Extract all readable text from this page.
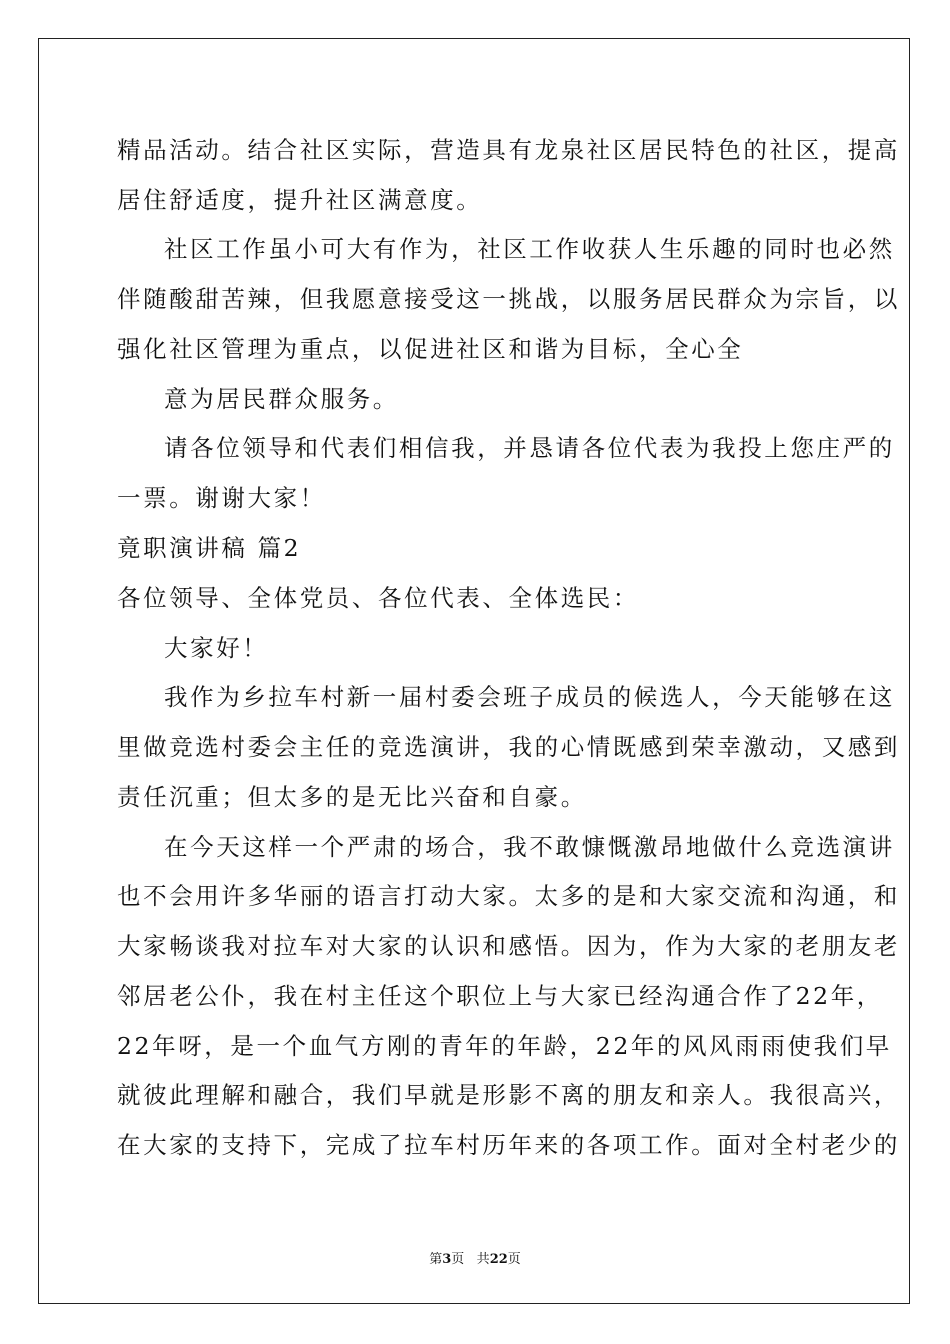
精品活动。结合社区实际，营造具有龙泉社区居民特色的社区，提高
居住舒适度，提升社区满意度。
社区工作虽小可大有作为，社区工作收获人生乐趣的同时也必然
伴随酸甜苦辣，但我愿意接受这一挑战，以服务居民群众为宗旨，以
强化社区管理为重点，以促进社区和谐为目标，全心全
意为居民群众服务。
请各位领导和代表们相信我，并恳请各位代表为我投上您庄严的
一票。谢谢大家！
竟职演讲稿 篇2
各位领导、全体党员、各位代表、全体选民：
大家好！
我作为乡拉车村新一届村委会班子成员的候选人，今天能够在这
里做竞选村委会主任的竞选演讲，我的心情既感到荣幸激动，又感到
责任沉重；但太多的是无比兴奋和自豪。
在今天这样一个严肃的场合，我不敢慷慨激昂地做什么竞选演讲
也不会用许多华丽的语言打动大家。太多的是和大家交流和沟通，和
大家畅谈我对拉车对大家的认识和感悟。因为，作为大家的老朋友老
邻居老公仆，我在村主任这个职位上与大家已经沟通合作了22年，
22年呀，是一个血气方刚的青年的年龄，22年的风风雨雨使我们早
就彼此理解和融合，我们早就是形影不离的朋友和亲人。我很高兴，
在大家的支持下，完成了拉车村历年来的各项工作。面对全村老少的
第3页 共22页
